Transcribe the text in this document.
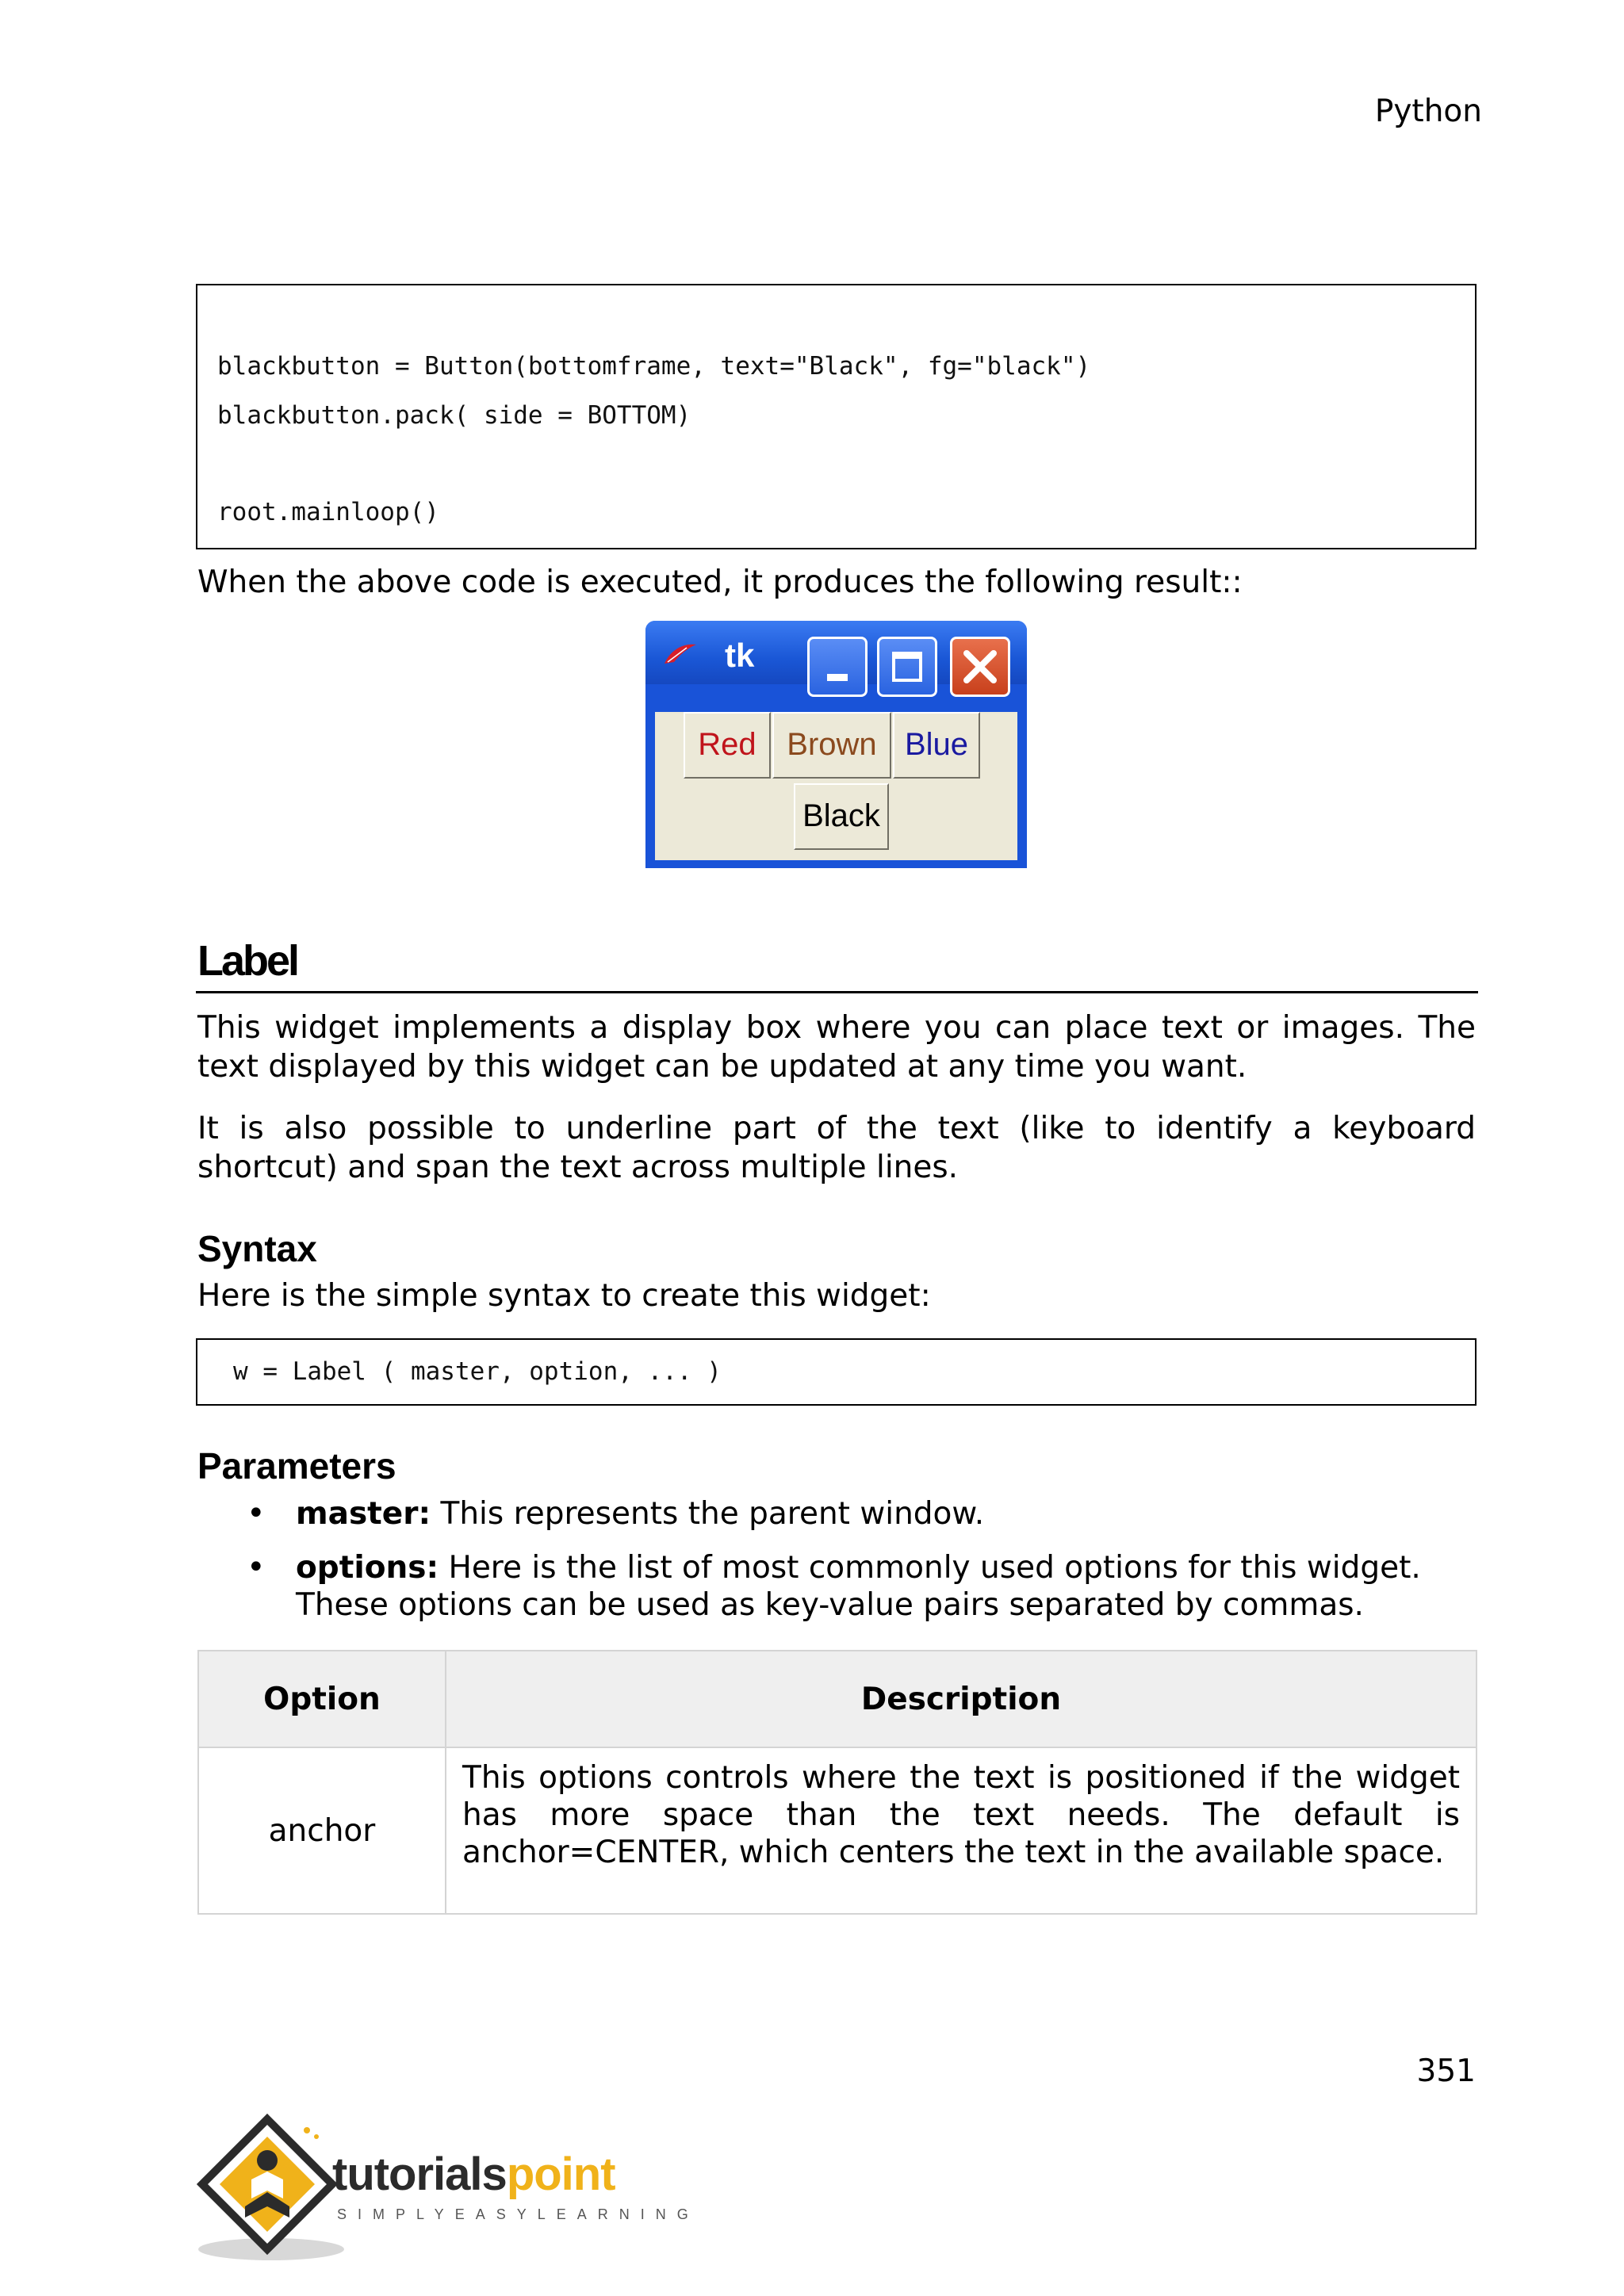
Python
blackbutton = Button(bottomframe, text="Black", fg="black")
blackbutton.pack( side = BOTTOM)
root.mainloop()
When the above code is executed, it produces the following result::
tk
Red Brown Blue
Black
Label
This widget implements a display box where you can place text or images. The text displayed by this widget can be updated at any time you want.
It is also possible to underline part of the text (like to identify a keyboard shortcut) and span the text across multiple lines.
Syntax
Here is the simple syntax to create this widget:
w = Label ( master, option, ... )
Parameters
• master: This represents the parent window.
• options: Here is the list of most commonly used options for this widget. These options can be used as key-value pairs separated by commas.
Option	Description
anchor	This options controls where the text is positioned if the widget has more space than the text needs. The default is anchor=CENTER, which centers the text in the available space.
351
tutorialspoint
SIMPLYEASYLEARNING
